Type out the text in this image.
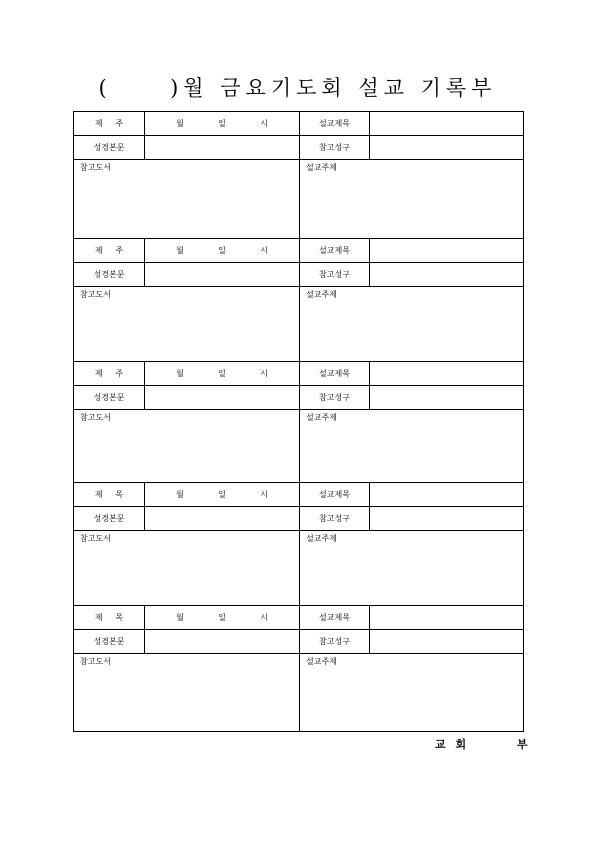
(     )월 금요기도회 설교 기록부
제     주	월	일	시	설교제목
성경본문	참고성구
참고도서	설교주제
제     주	월	일	시	설교제목
성경본문	참고성구
참고도서	설교주제
제     주	월	일	시	설교제목
성경본문	참고성구
참고도서	설교주제
제     목	월	일	시	설교제목
성경본문	참고성구
참고도서	설교주제
제     목	월	일	시	설교제목
성경본문	참고성구
참고도서	설교주제
교 회       부
